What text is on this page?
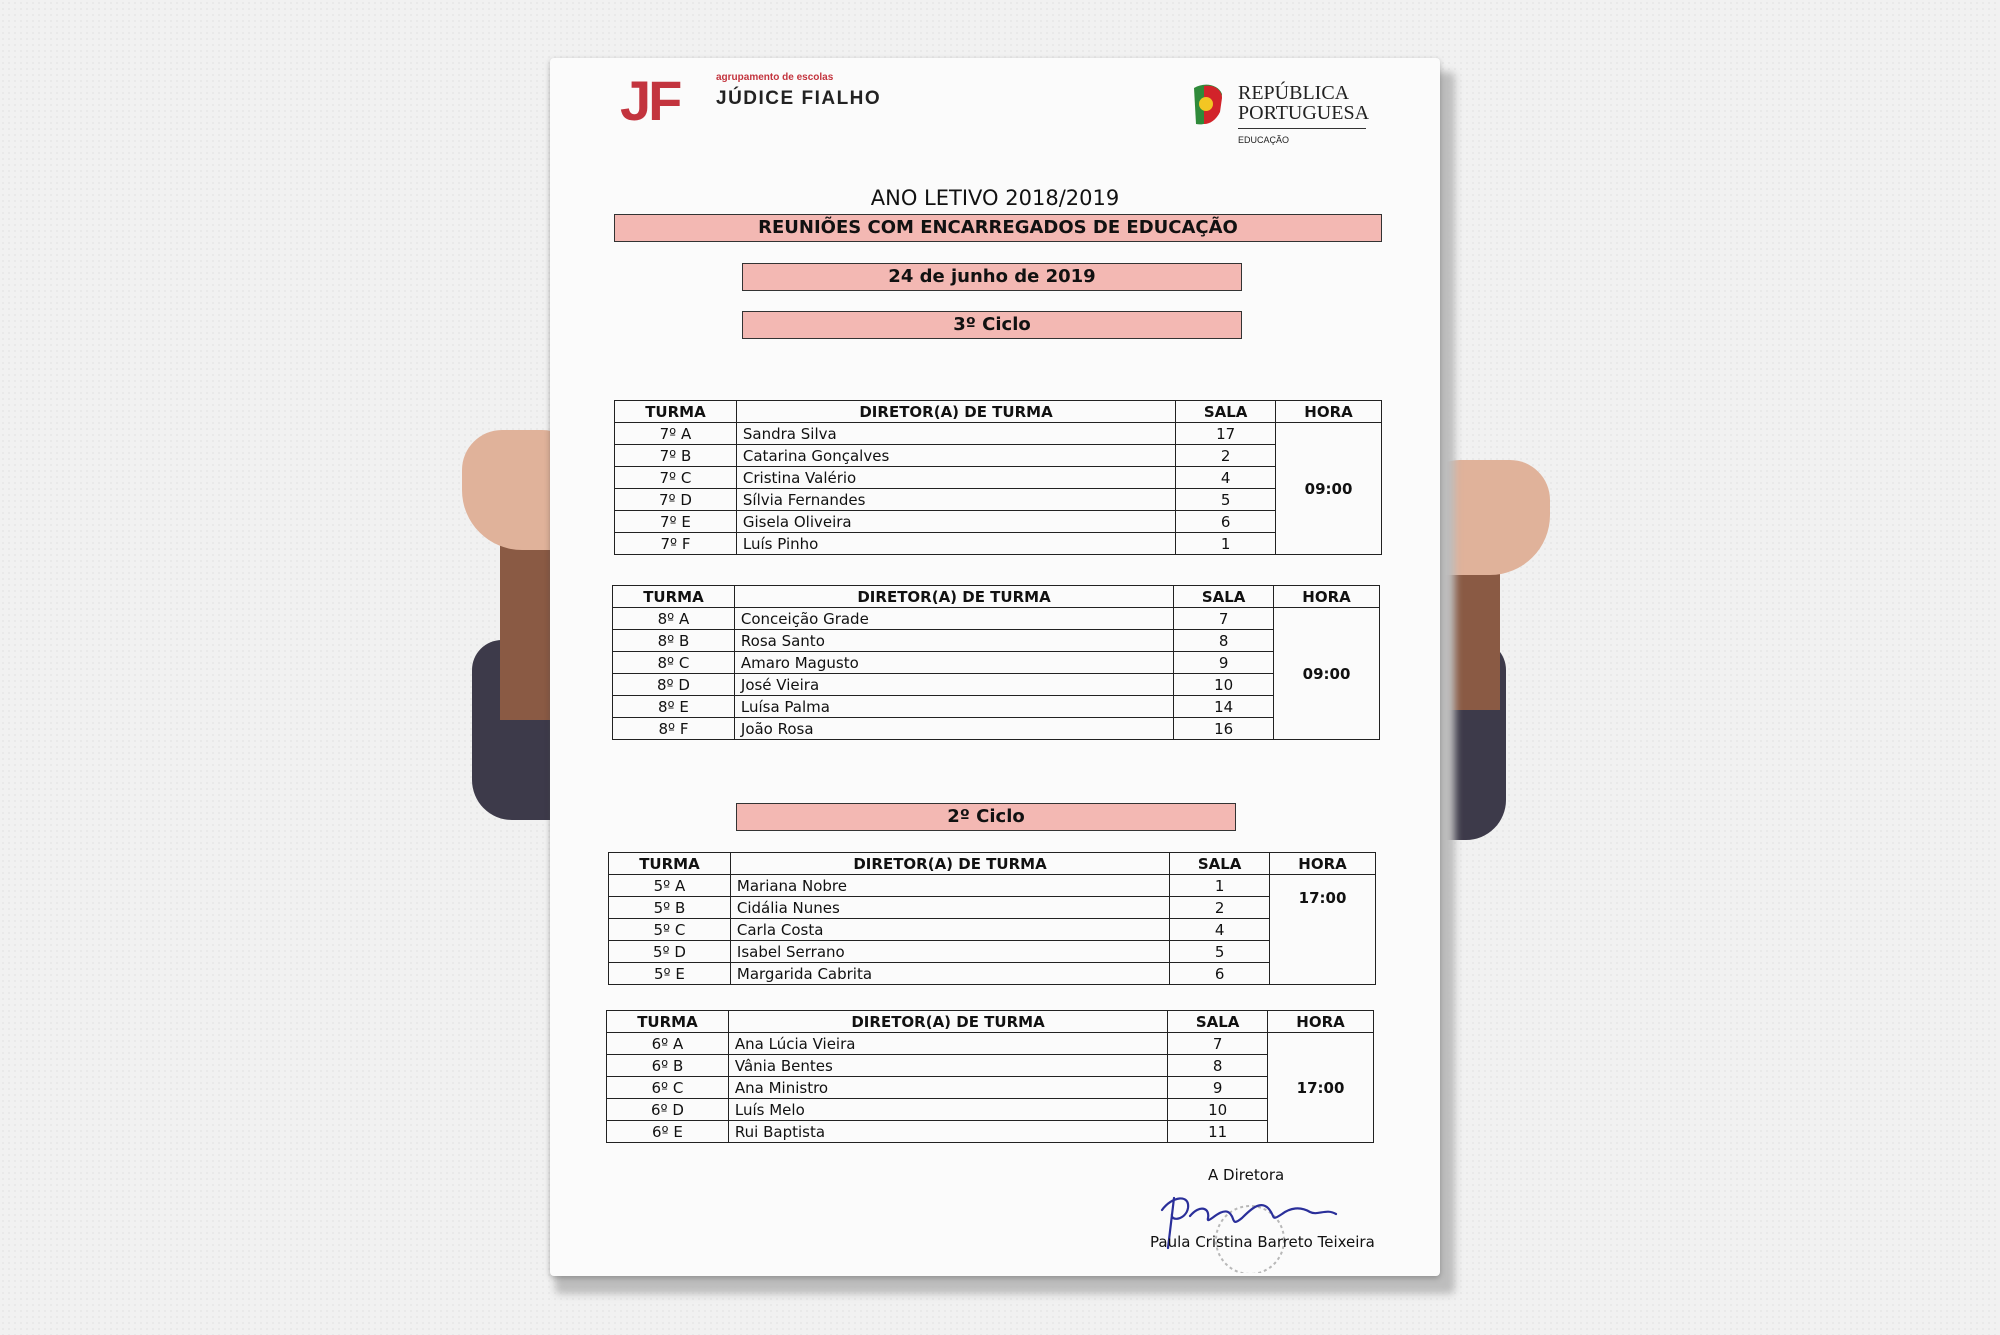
JF	agrupamento de escolas
JÚDICE FIALHO	REPÚBLICA
PORTUGUESA
EDUCAÇÃO
ANO LETIVO 2018/2019
REUNIÕES COM ENCARREGADOS DE EDUCAÇÃO
24 de junho de 2019
3º Ciclo
TURMA	DIRETOR(A) DE TURMA	SALA	HORA
7º A	Sandra Silva	17	09:00
7º B	Catarina Gonçalves	2	
7º C	Cristina Valério	4	
7º D	Sílvia Fernandes	5	
7º E	Gisela Oliveira	6	
7º F	Luís Pinho	1	
TURMA	DIRETOR(A) DE TURMA	SALA	HORA
8º A	Conceição Grade	7	09:00
8º B	Rosa Santo	8	
8º C	Amaro Magusto	9	
8º D	José Vieira	10	
8º E	Luísa Palma	14	
8º F	João Rosa	16	
2º Ciclo
TURMA	DIRETOR(A) DE TURMA	SALA	HORA
5º A	Mariana Nobre	1	17:00
5º B	Cidália Nunes	2	
5º C	Carla Costa	4	
5º D	Isabel Serrano	5	
5º E	Margarida Cabrita	6	
TURMA	DIRETOR(A) DE TURMA	SALA	HORA
6º A	Ana Lúcia Vieira	7	17:00
6º B	Vânia Bentes	8	
6º C	Ana Ministro	9	
6º D	Luís Melo	10	
6º E	Rui Baptista	11	
A Diretora
Paula Cristina Barreto Teixeira
